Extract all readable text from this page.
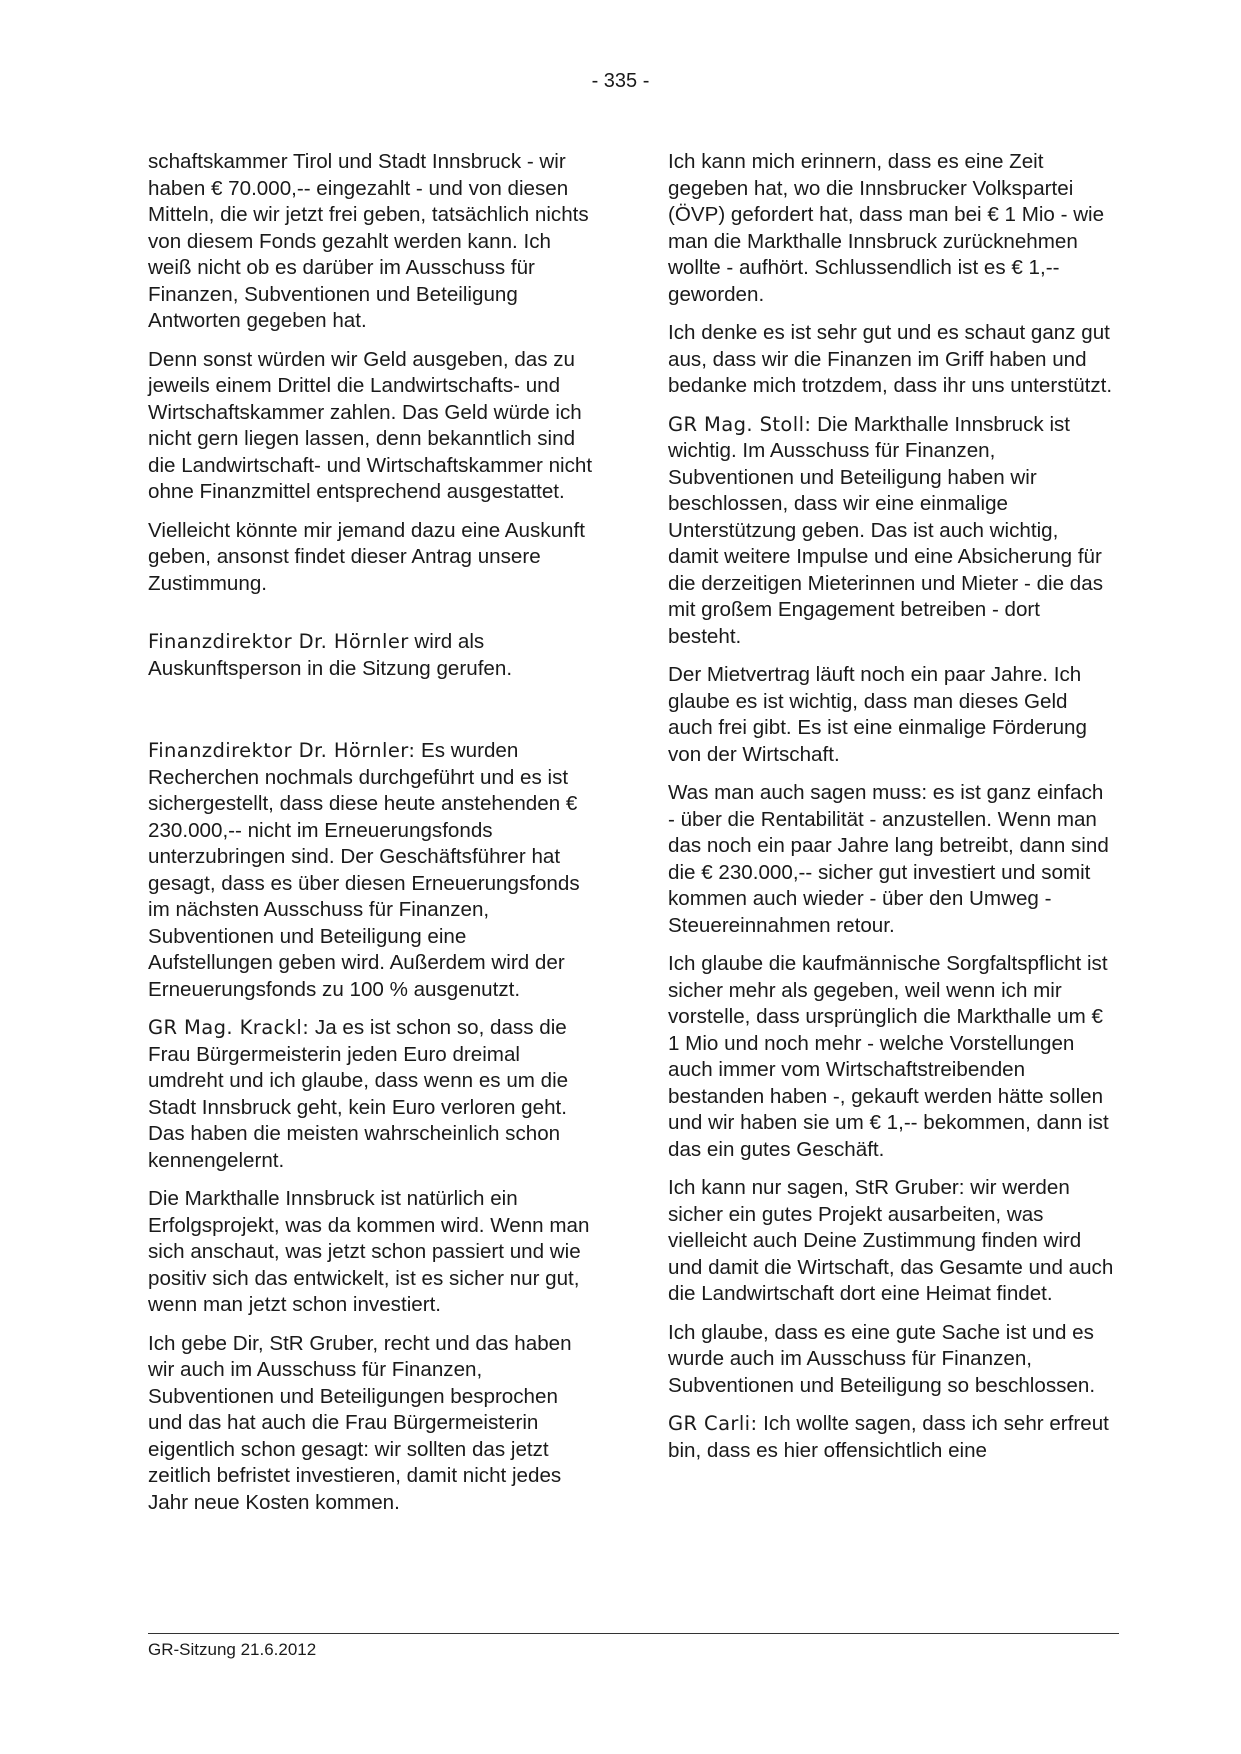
- 335 -

schaftskammer Tirol und Stadt Innsbruck - wir haben € 70.000,-- eingezahlt - und von diesen Mitteln, die wir jetzt frei geben, tatsächlich nichts von diesem Fonds gezahlt werden kann. Ich weiß nicht ob es darüber im Ausschuss für Finanzen, Subventionen und Beteiligung Antworten gegeben hat.

Denn sonst würden wir Geld ausgeben, das zu jeweils einem Drittel die Landwirtschafts- und Wirtschaftskammer zahlen. Das Geld würde ich nicht gern liegen lassen, denn bekanntlich sind die Landwirtschaft- und Wirtschaftskammer nicht ohne Finanzmittel entsprechend ausgestattet.

Vielleicht könnte mir jemand dazu eine Auskunft geben, ansonst findet dieser Antrag unsere Zustimmung.

Finanzdirektor Dr. Hörnler wird als Auskunftsperson in die Sitzung gerufen.

Finanzdirektor Dr. Hörnler: Es wurden Recherchen nochmals durchgeführt und es ist sichergestellt, dass diese heute anstehenden € 230.000,-- nicht im Erneuerungsfonds unterzubringen sind. Der Geschäftsführer hat gesagt, dass es über diesen Erneuerungsfonds im nächsten Ausschuss für Finanzen, Subventionen und Beteiligung eine Aufstellungen geben wird. Außerdem wird der Erneuerungsfonds zu 100 % ausgenutzt.

GR Mag. Krackl: Ja es ist schon so, dass die Frau Bürgermeisterin jeden Euro dreimal umdreht und ich glaube, dass wenn es um die Stadt Innsbruck geht, kein Euro verloren geht. Das haben die meisten wahrscheinlich schon kennengelernt.

Die Markthalle Innsbruck ist natürlich ein Erfolgsprojekt, was da kommen wird. Wenn man sich anschaut, was jetzt schon passiert und wie positiv sich das entwickelt, ist es sicher nur gut, wenn man jetzt schon investiert.

Ich gebe Dir, StR Gruber, recht und das haben wir auch im Ausschuss für Finanzen, Subventionen und Beteiligungen besprochen und das hat auch die Frau Bürgermeisterin eigentlich schon gesagt: wir sollten das jetzt zeitlich befristet investieren, damit nicht jedes Jahr neue Kosten kommen.

Ich kann mich erinnern, dass es eine Zeit gegeben hat, wo die Innsbrucker Volkspartei (ÖVP) gefordert hat, dass man bei € 1 Mio - wie man die Markthalle Innsbruck zurücknehmen wollte - aufhört. Schlussendlich ist es € 1,-- geworden.

Ich denke es ist sehr gut und es schaut ganz gut aus, dass wir die Finanzen im Griff haben und bedanke mich trotzdem, dass ihr uns unterstützt.

GR Mag. Stoll: Die Markthalle Innsbruck ist wichtig. Im Ausschuss für Finanzen, Subventionen und Beteiligung haben wir beschlossen, dass wir eine einmalige Unterstützung geben. Das ist auch wichtig, damit weitere Impulse und eine Absicherung für die derzeitigen Mieterinnen und Mieter - die das mit großem Engagement betreiben - dort besteht.

Der Mietvertrag läuft noch ein paar Jahre. Ich glaube es ist wichtig, dass man dieses Geld auch frei gibt. Es ist eine einmalige Förderung von der Wirtschaft.

Was man auch sagen muss: es ist ganz einfach - über die Rentabilität - anzustellen. Wenn man das noch ein paar Jahre lang betreibt, dann sind die € 230.000,-- sicher gut investiert und somit kommen auch wieder - über den Umweg - Steuereinnahmen retour.

Ich glaube die kaufmännische Sorgfaltspflicht ist sicher mehr als gegeben, weil wenn ich mir vorstelle, dass ursprünglich die Markthalle um € 1 Mio und noch mehr - welche Vorstellungen auch immer vom Wirtschaftstreibenden bestanden haben -, gekauft werden hätte sollen und wir haben sie um € 1,-- bekommen, dann ist das ein gutes Geschäft.

Ich kann nur sagen, StR Gruber: wir werden sicher ein gutes Projekt ausarbeiten, was vielleicht auch Deine Zustimmung finden wird und damit die Wirtschaft, das Gesamte und auch die Landwirtschaft dort eine Heimat findet.

Ich glaube, dass es eine gute Sache ist und es wurde auch im Ausschuss für Finanzen, Subventionen und Beteiligung so beschlossen.

GR Carli: Ich wollte sagen, dass ich sehr erfreut bin, dass es hier offensichtlich eine

GR-Sitzung 21.6.2012
